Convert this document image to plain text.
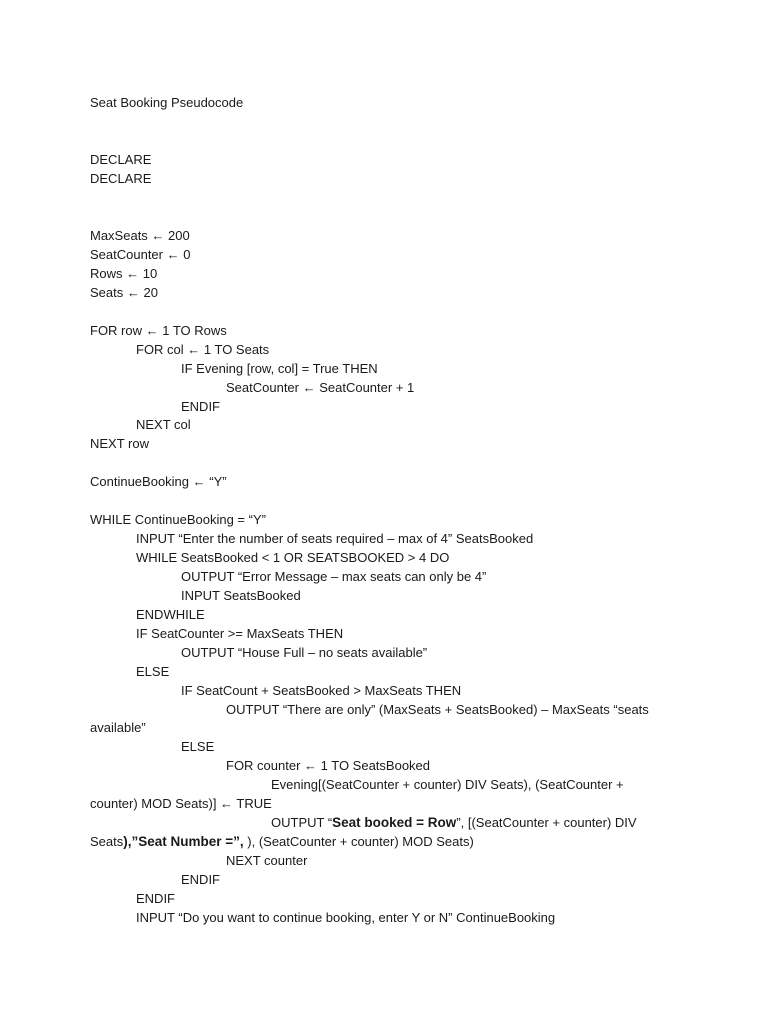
Seat Booking Pseudocode
DECLARE
DECLARE
MaxSeats ← 200
SeatCounter ← 0
Rows ← 10
Seats ← 20
FOR row ← 1 TO Rows
FOR col ← 1 TO Seats
IF Evening [row, col] = True THEN
SeatCounter ← SeatCounter + 1
ENDIF
NEXT col
NEXT row
ContinueBooking ← “Y”
WHILE ContinueBooking = “Y”
INPUT “Enter the number of seats required – max of 4” SeatsBooked
WHILE SeatsBooked < 1 OR SEATSBOOKED > 4 DO
OUTPUT “Error Message – max seats can only be 4”
INPUT SeatsBooked
ENDWHILE
IF SeatCounter >= MaxSeats THEN
OUTPUT “House Full – no seats available”
ELSE
IF SeatCount + SeatsBooked > MaxSeats THEN
OUTPUT “There are only” (MaxSeats + SeatsBooked) – MaxSeats “seats
available”
ELSE
FOR counter ← 1 TO SeatsBooked
Evening[(SeatCounter + counter) DIV Seats), (SeatCounter +
counter) MOD Seats)] ← TRUE
OUTPUT “Seat booked = Row”, [(SeatCounter + counter) DIV
Seats),”Seat Number =”, ), (SeatCounter + counter) MOD Seats)
NEXT counter
ENDIF
ENDIF
INPUT “Do you want to continue booking, enter Y or N” ContinueBooking
